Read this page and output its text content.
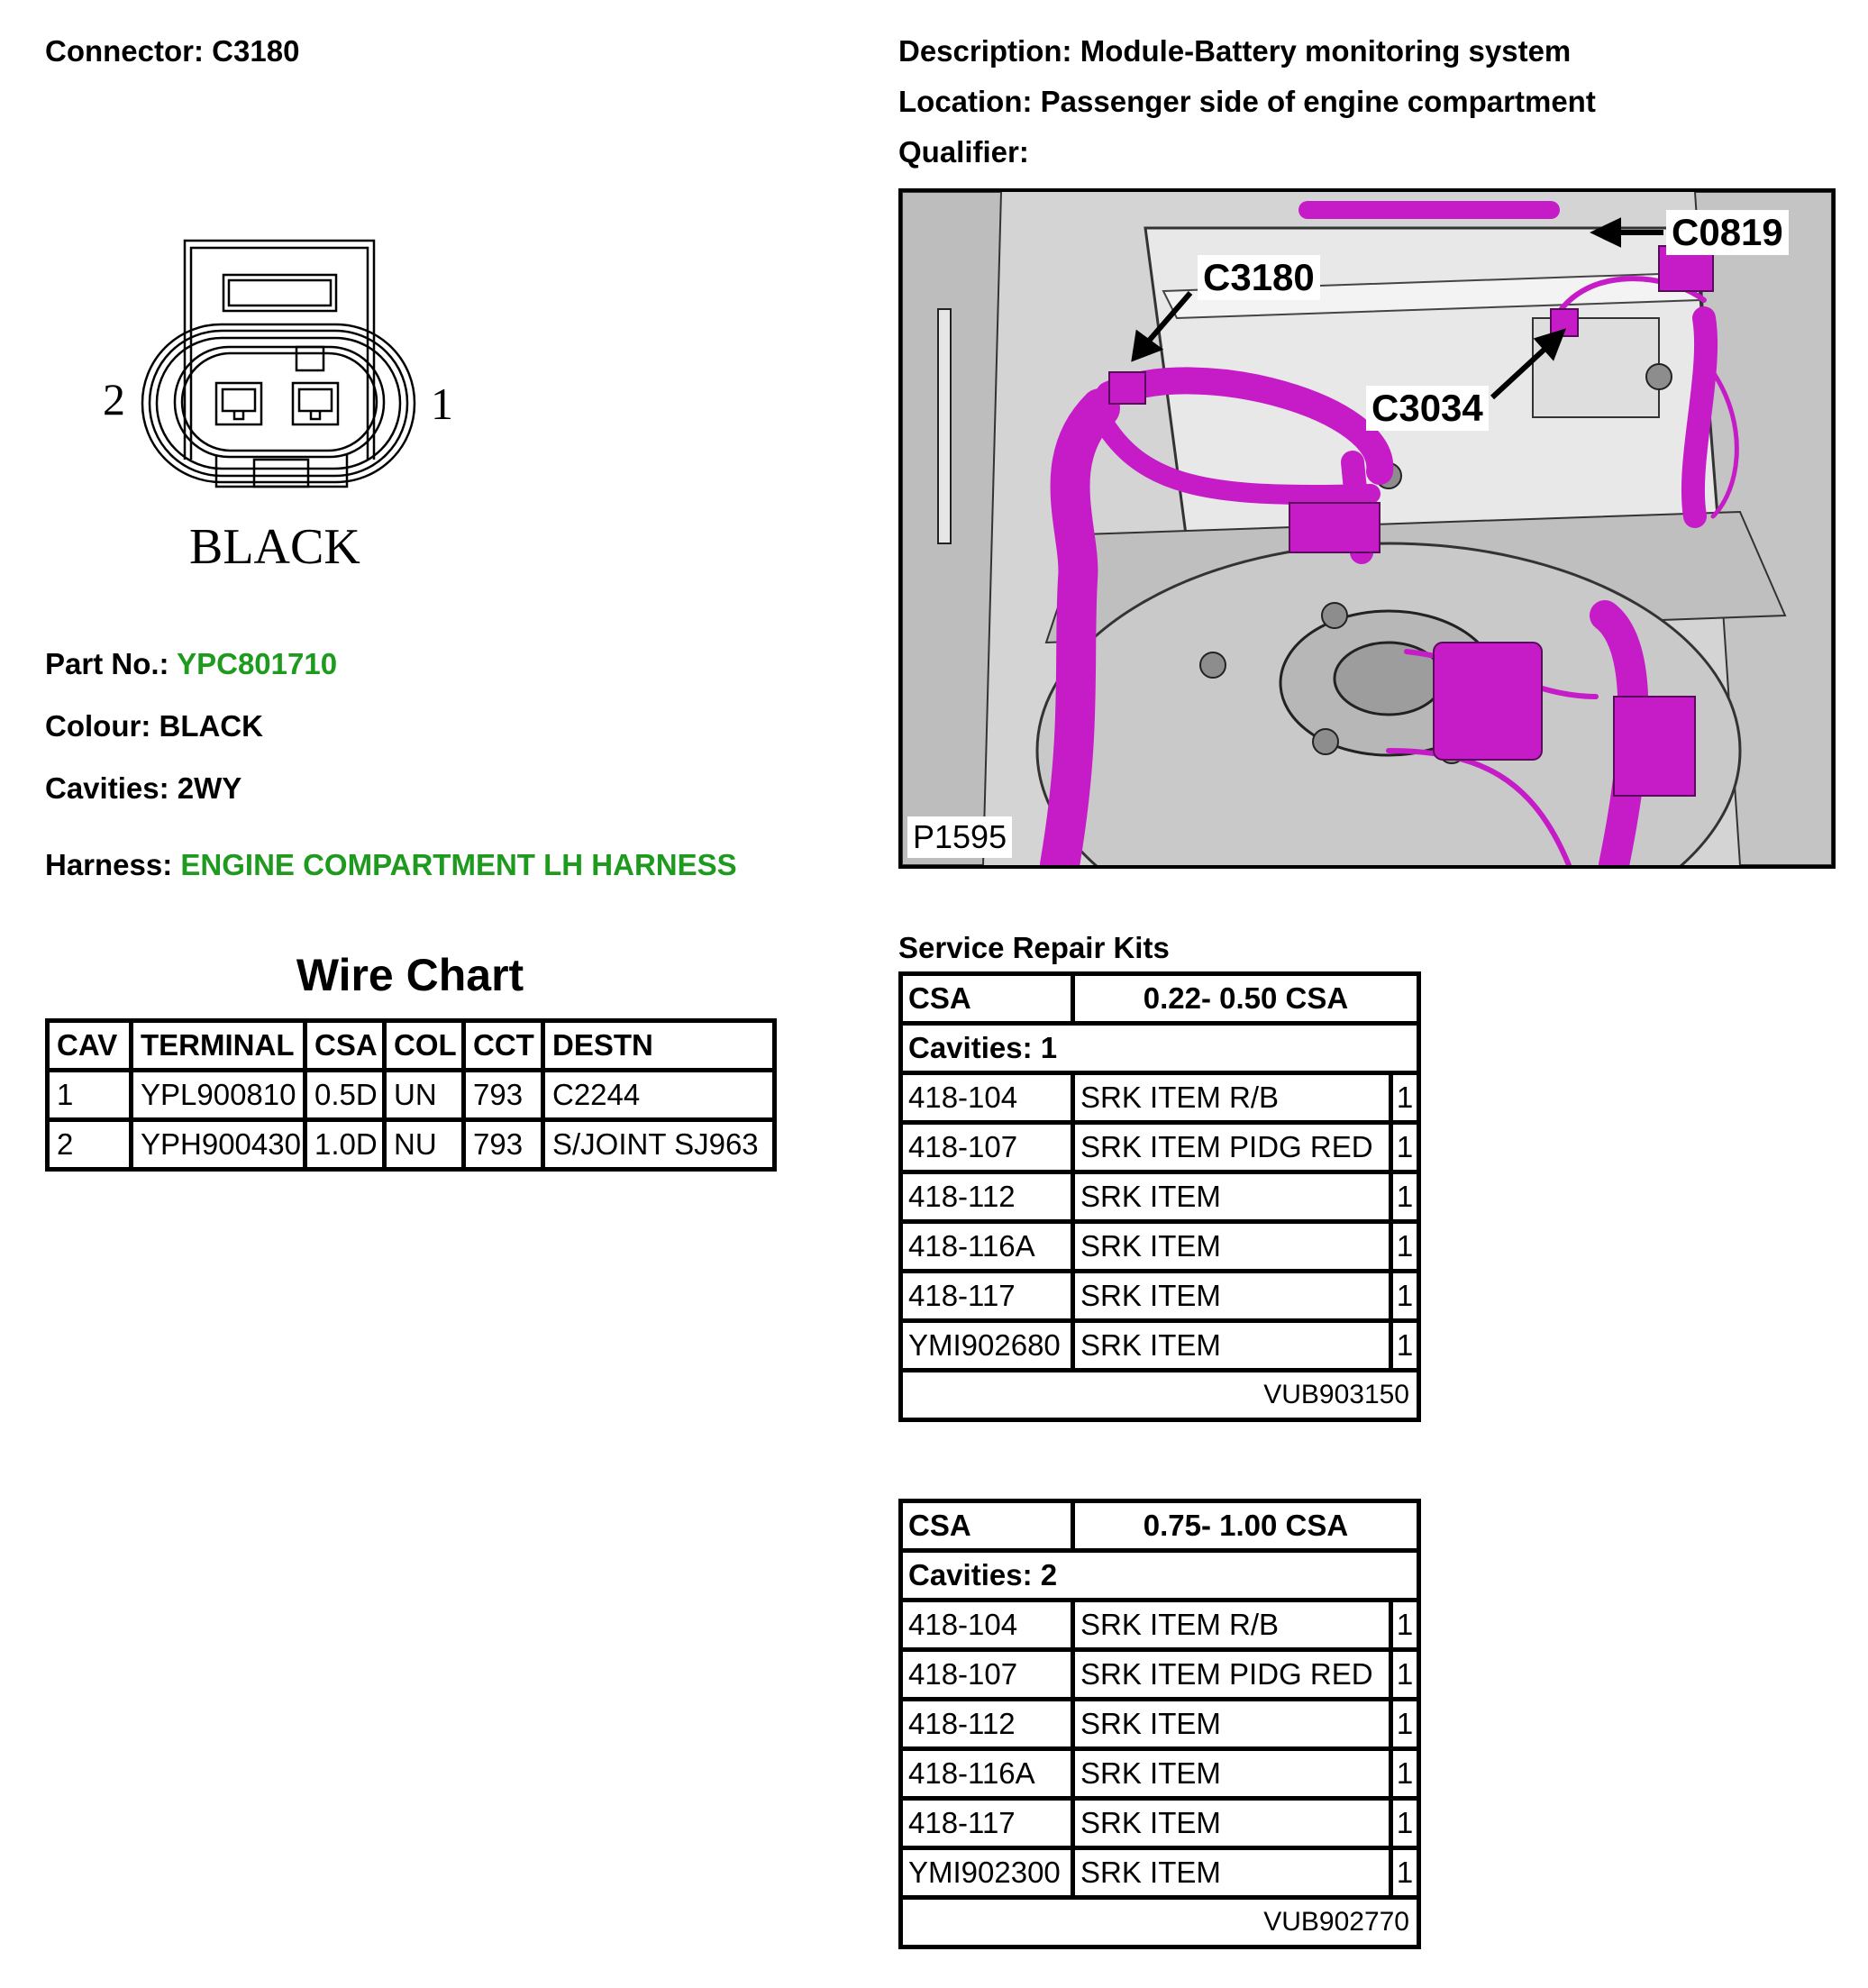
Connector: C3180	Description: Module-Battery monitoring system
Location: Passenger side of engine compartment
Qualifier:
2	1
BLACK
Part No.: YPC801710
Colour: BLACK
Cavities: 2WY
Harness: ENGINE COMPARTMENT LH HARNESS
Wire Chart
CAV	TERMINAL	CSA	COL	CCT	DESTN
1	YPL900810	0.5D	UN	793	C2244
2	YPH900430	1.0D	NU	793	S/JOINT SJ963
C3180
C0819
C3034
P1595
Service Repair Kits
CSA	0.22- 0.50 CSA	
Cavities: 1		
418-104	SRK ITEM R/B	1
418-107	SRK ITEM PIDG RED	1
418-112	SRK ITEM	1
418-116A	SRK ITEM	1
418-117	SRK ITEM	1
YMI902680	SRK ITEM	1
VUB903150		
CSA	0.75- 1.00 CSA	
Cavities: 2		
418-104	SRK ITEM R/B	1
418-107	SRK ITEM PIDG RED	1
418-112	SRK ITEM	1
418-116A	SRK ITEM	1
418-117	SRK ITEM	1
YMI902300	SRK ITEM	1
VUB902770		
